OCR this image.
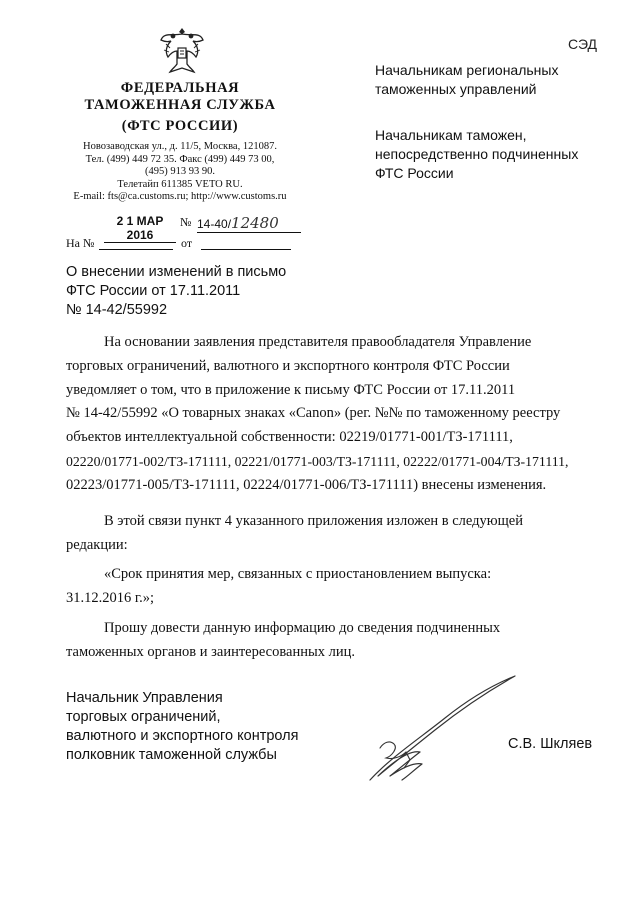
СЭД
ФЕДЕРАЛЬНАЯ
ТАМОЖЕННАЯ СЛУЖБА
(ФТС РОССИИ)
Новозаводская ул., д. 11/5, Москва, 121087.
Тел. (499) 449 72 35. Факс (499) 449 73 00,
(495) 913 93 90.
Телетайп 611385 VETO RU.
E-mail: fts@ca.customs.ru; http://www.customs.ru
2 1 МАР 2016
№ 14-40/12480
На №	от
Начальникам региональных таможенных управлений
Начальникам таможен, непосредственно подчиненных ФТС России
О внесении изменений в письмо
ФТС России от 17.11.2011
№ 14-42/55992
На основании заявления представителя правообладателя Управление
торговых ограничений, валютного и экспортного контроля ФТС России
уведомляет о том, что в приложение к письму ФТС России от 17.11.2011
№ 14-42/55992 «О товарных знаках «Canon» (рег. №№ по таможенному реестру
объектов интеллектуальной собственности: 02219/01771-001/ТЗ-171111,
02220/01771-002/ТЗ-171111, 02221/01771-003/ТЗ-171111, 02222/01771-004/ТЗ-171111,
02223/01771-005/ТЗ-171111, 02224/01771-006/ТЗ-171111) внесены изменения.
В этой связи пункт 4 указанного приложения изложен в следующей
редакции:
«Срок принятия мер, связанных с приостановлением выпуска:
31.12.2016 г.»;
Прошу довести данную информацию до сведения подчиненных
таможенных органов и заинтересованных лиц.
Начальник Управления
торговых ограничений,
валютного и экспортного контроля
полковник таможенной службы
С.В. Шкляев
